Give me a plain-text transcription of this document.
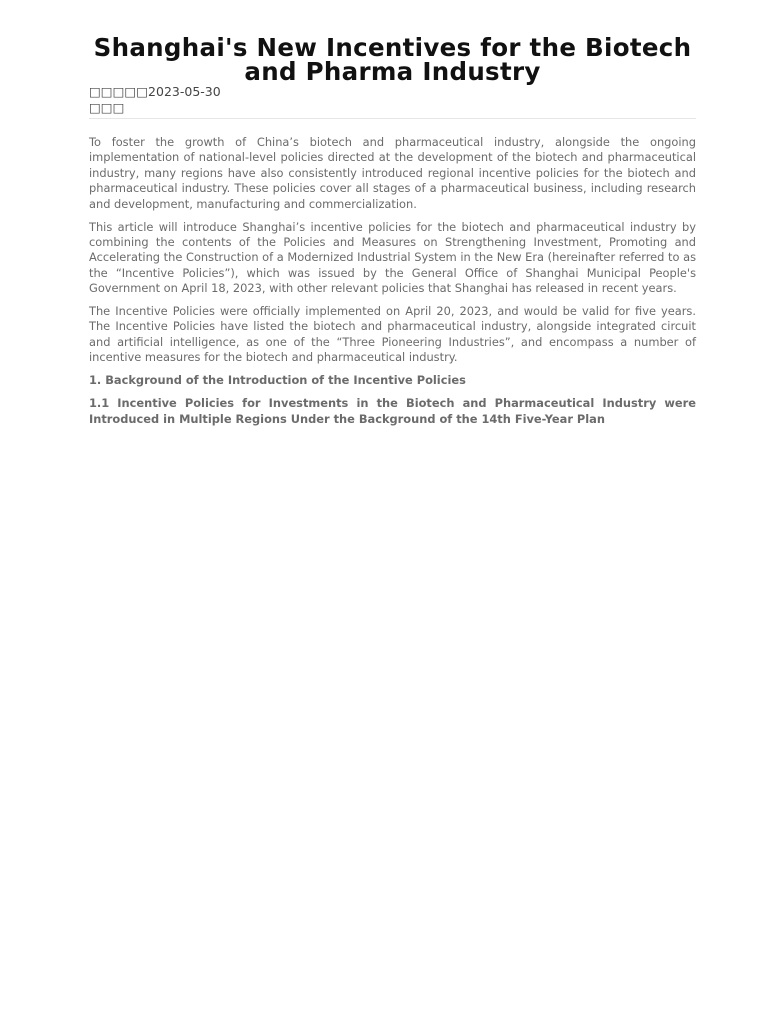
Shanghai's New Incentives for the Biotech and Pharma Industry
□□□□□2023-05-30
□□□

To foster the growth of China’s biotech and pharmaceutical industry, alongside the ongoing implementation of national-level policies directed at the development of the biotech and pharmaceutical industry, many regions have also consistently introduced regional incentive policies for the biotech and pharmaceutical industry. These policies cover all stages of a pharmaceutical business, including research and development, manufacturing and commercialization.

This article will introduce Shanghai’s incentive policies for the biotech and pharmaceutical industry by combining the contents of the Policies and Measures on Strengthening Investment, Promoting and Accelerating the Construction of a Modernized Industrial System in the New Era (hereinafter referred to as the “Incentive Policies”), which was issued by the General Office of Shanghai Municipal People's Government on April 18, 2023, with other relevant policies that Shanghai has released in recent years.

The Incentive Policies were officially implemented on April 20, 2023, and would be valid for five years. The Incentive Policies have listed the biotech and pharmaceutical industry, alongside integrated circuit and artificial intelligence, as one of the “Three Pioneering Industries”, and encompass a number of incentive measures for the biotech and pharmaceutical industry.

1. Background of the Introduction of the Incentive Policies

1.1 Incentive Policies for Investments in the Biotech and Pharmaceutical Industry were Introduced in Multiple Regions Under the Background of the 14th Five-Year Plan
